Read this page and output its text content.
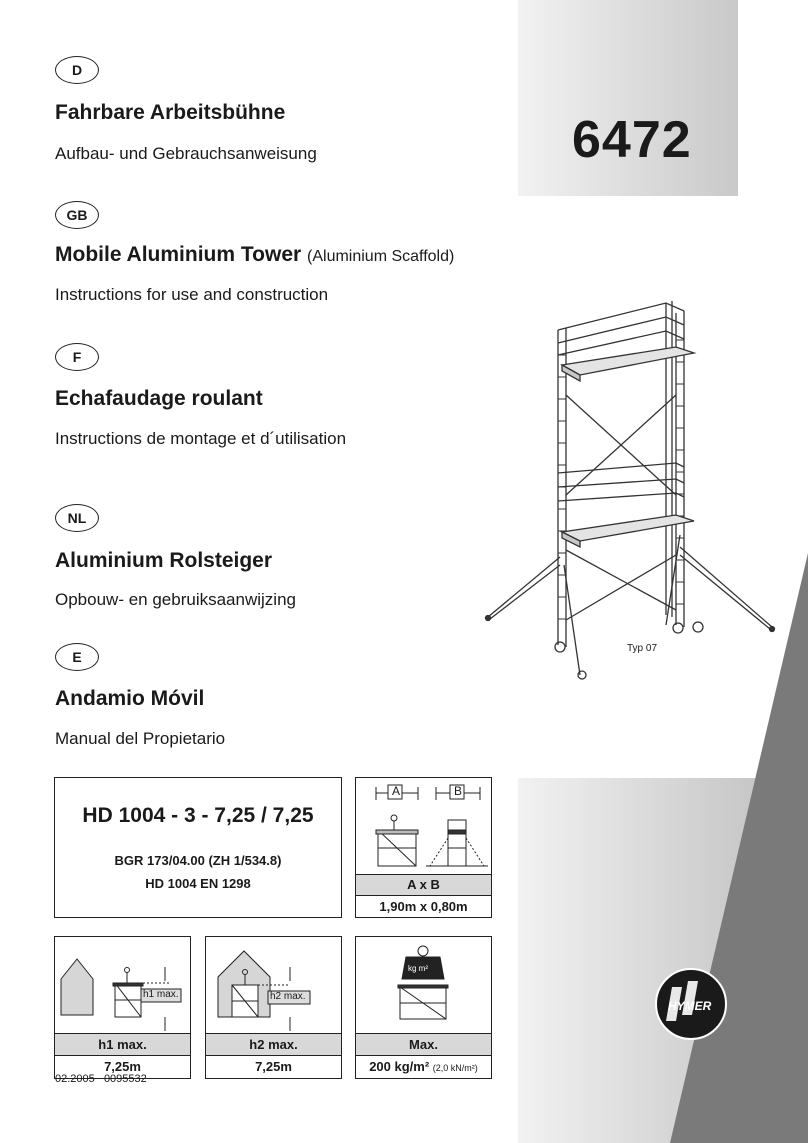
6472
D
Fahrbare Arbeitsbühne
Aufbau- und Gebrauchsanweisung
GB
Mobile Aluminium Tower (Aluminium Scaffold)
Instructions for use and construction
F
Echafaudage roulant
Instructions de montage et d´utilisation
NL
Aluminium Rolsteiger
Opbouw- en gebruiksaanwijzing
E
Andamio Móvil
Manual del Propietario
Typ 07
HD 1004 - 3 - 7,25 / 7,25
BGR 173/04.00 (ZH 1/534.8)
HD 1004 EN 1298
A	B
A x B
1,90m x 0,80m
h1 max.
h1 max.
7,25m
h2 max.
h2 max.
7,25m
kg m²
Max.
200 kg/m² (2,0 kN/m²)
HYMER
02.2005 0095532
